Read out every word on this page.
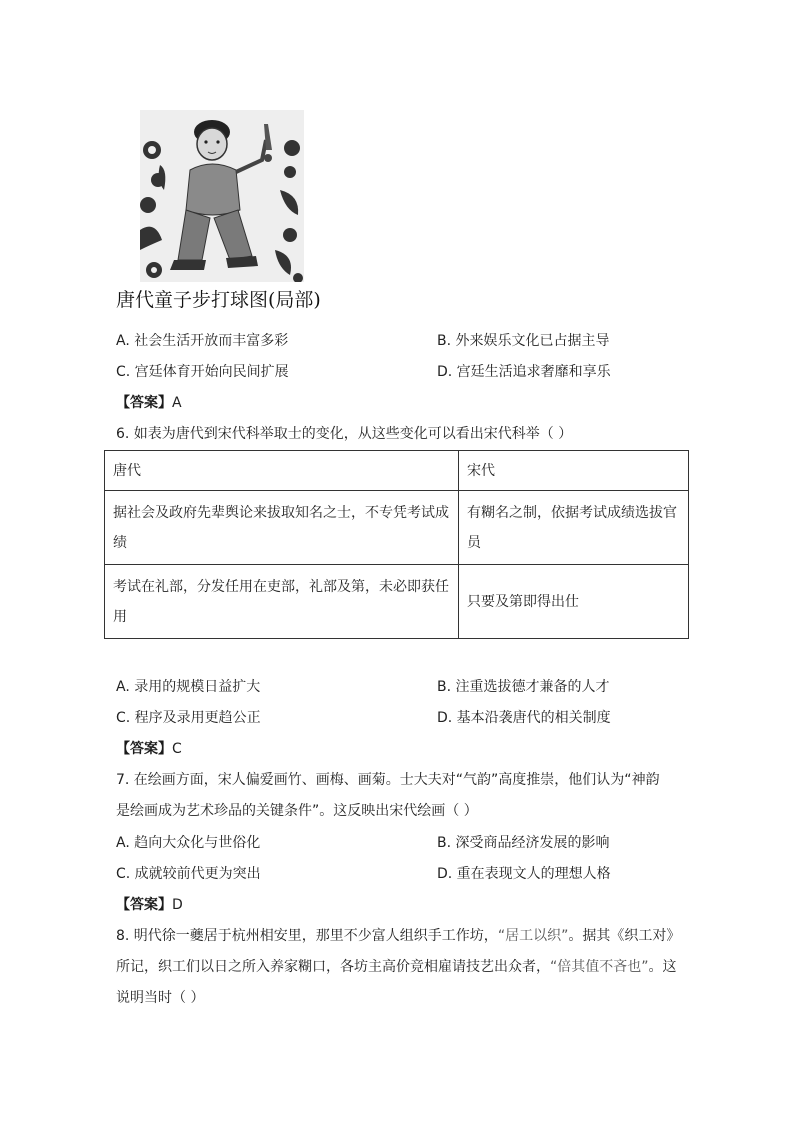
唐代童子步打球图(局部)
A. 社会生活开放而丰富多彩	B. 外来娱乐文化已占据主导
C. 宫廷体育开始向民间扩展	D. 宫廷生活追求奢靡和享乐
【答案】A
6. 如表为唐代到宋代科举取士的变化，从这些变化可以看出宋代科举（ ）
唐代	宋代
据社会及政府先辈舆论来拔取知名之士，不专凭考试成绩	有糊名之制，依据考试成绩选拔官员
考试在礼部，分发任用在吏部，礼部及第，未必即获任用	只要及第即得出仕
A. 录用的规模日益扩大	B. 注重选拔德才兼备的人才
C. 程序及录用更趋公正	D. 基本沿袭唐代的相关制度
【答案】C
7. 在绘画方面，宋人偏爱画竹、画梅、画菊。士大夫对“气韵”高度推崇，他们认为“神韵
是绘画成为艺术珍品的关键条件”。这反映出宋代绘画（ ）
A. 趋向大众化与世俗化	B. 深受商品经济发展的影响
C. 成就较前代更为突出	D. 重在表现文人的理想人格
【答案】D
8. 明代徐一夔居于杭州相安里，那里不少富人组织手工作坊，“居工以织”。据其《织工对》
所记，织工们以日之所入养家糊口，各坊主高价竞相雇请技艺出众者，“倍其值不吝也”。这
说明当时（ ）
